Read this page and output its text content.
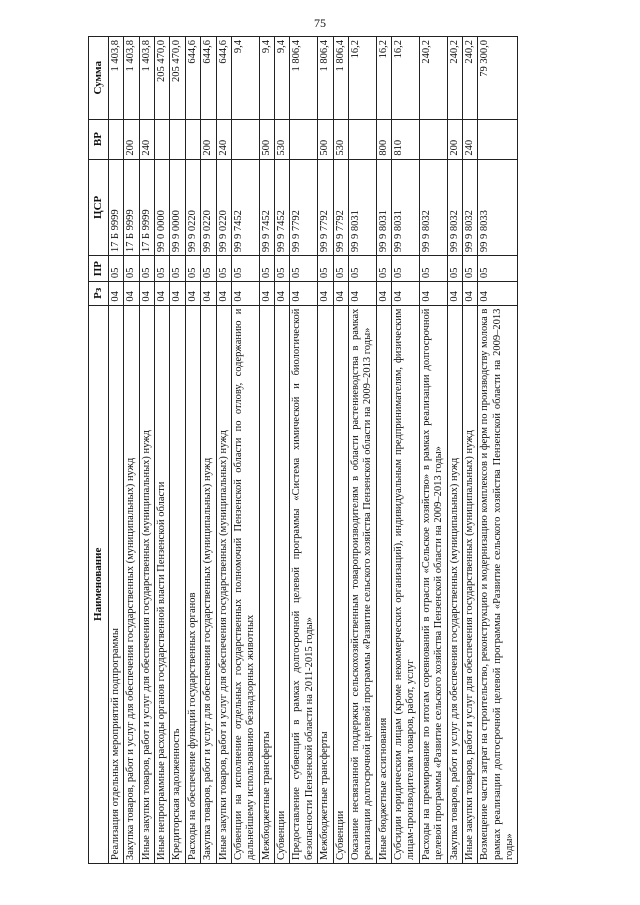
75
Наименование	Рз	ПР	ЦСР	ВР	Сумма
Реализация отдельных мероприятий подпрограммы	04	05	17 Б 9999		1 403,8
Закупка товаров, работ и услуг для обеспечения государственных (муниципальных) нужд	04	05	17 Б 9999	200	1 403,8
Иные закупки товаров, работ и услуг для обеспечения государственных (муниципальных) нужд	04	05	17 Б 9999	240	1 403,8
Иные непрограммные расходы органов государственной власти Пензенской области	04	05	99 0 0000		205 470,0
Кредиторская задолженность	04	05	99 9 0000		205 470,0
Расходы на обеспечение функций государственных органов	04	05	99 9 0220		644,6
Закупка товаров, работ и услуг для обеспечения государственных (муниципальных) нужд	04	05	99 9 0220	200	644,6
Иные закупки товаров, работ и услуг для обеспечения государственных (муниципальных) нужд	04	05	99 9 0220	240	644,6
Субвенции на исполнение отдельных государственных полномочий Пензенской области по отлову, содержанию и дальнейшему использованию безнадзорных животных	04	05	99 9 7452		9,4
Межбюджетные трансферты	04	05	99 9 7452	500	9,4
Субвенции	04	05	99 9 7452	530	9,4
Предоставление субвенций в рамках долгосрочной целевой программы «Система химической и биологической безопасности Пензенской области на 2011-2015 годы»	04	05	99 9 7792		1 806,4
Межбюджетные трансферты	04	05	99 9 7792	500	1 806,4
Субвенции	04	05	99 9 7792	530	1 806,4
Оказание несвязанной поддержки сельскохозяйственным товаропроизводителям в области растениеводства в рамках реализации долгосрочной целевой программы «Развитие сельского хозяйства Пензенской области на 2009–2013 годы»	04	05	99 9 8031		16,2
Иные бюджетные ассигнования	04	05	99 9 8031	800	16,2
Субсидии юридическим лицам (кроме некоммерческих организаций), индивидуальным предпринимателям, физическим лицам-производителям товаров, работ, услуг	04	05	99 9 8031	810	16,2
Расходы на премирование по итогам соревнований в отрасли «Сельское хозяйство» в рамках реализации долгосрочной целевой программы «Развитие сельского хозяйства Пензенской области на 2009–2013 годы»	04	05	99 9 8032		240,2
Закупка товаров, работ и услуг для обеспечения государственных (муниципальных) нужд	04	05	99 9 8032	200	240,2
Иные закупки товаров, работ и услуг для обеспечения государственных (муниципальных) нужд	04	05	99 9 8032	240	240,2
Возмещение части затрат на строительство, реконструкцию и модернизацию комплексов и ферм по производству молока в рамках реализации долгосрочной целевой программы «Развитие сельского хозяйства Пензенской области на 2009–2013 годы»	04	05	99 9 8033		79 300,0
